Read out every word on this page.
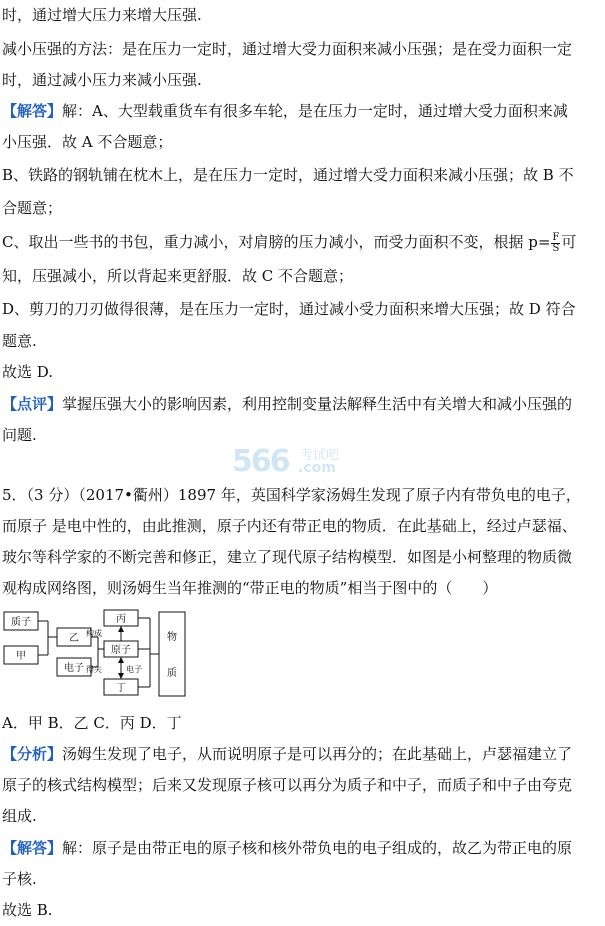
时，通过增大压力来增大压强.
减小压强的方法：是在压力一定时，通过增大受力面积来减小压强；是在受力面积一定
时，通过减小压力来减小压强.
【解答】解：A、大型载重货车有很多车轮，是在压力一定时，通过增大受力面积来减
小压强．故 A 不合题意；
B、铁路的钢轨铺在枕木上，是在压力一定时，通过增大受力面积来减小压强；故 B 不
合题意；
C、取出一些书的书包，重力减小，对肩膀的压力减小，而受力面积不变，根据 $p= \frac{F}{S}$ 可
知，压强减小，所以背起来更舒服．故 C 不合题意；
D、剪刀的刀刃做得很薄，是在压力一定时，通过减小受力面积来增大压强；故 D 符合
题意.
故选 D.
【点评】掌握压强大小的影响因素，利用控制变量法解释生活中有关增大和减小压强的
问题.
566 考试吧
.com
5．（3 分）（2017•衢州）1897 年，英国科学家汤姆生发现了原子内有带负电的电子，
而原子 是电中性的，由此推测，原子内还有带正电的物质．在此基础上，经过卢瑟福、
玻尔等科学家的不断完善和修正，建立了现代原子结构模型．如图是小柯整理的物质微
观构成网络图，则汤姆生当年推测的“带正电的物质”相当于图中的（　　）
质子
甲
乙
电子
丙
原子
丁
物
质
构成
得失	电子
A．甲 B．乙 C．丙 D．丁
【分析】汤姆生发现了电子，从而说明原子是可以再分的；在此基础上，卢瑟福建立了
原子的核式结构模型；后来又发现原子核可以再分为质子和中子，而质子和中子由夸克
组成.
【解答】解：原子是由带正电的原子核和核外带负电的电子组成的，故乙为带正电的原
子核.
故选 B.
